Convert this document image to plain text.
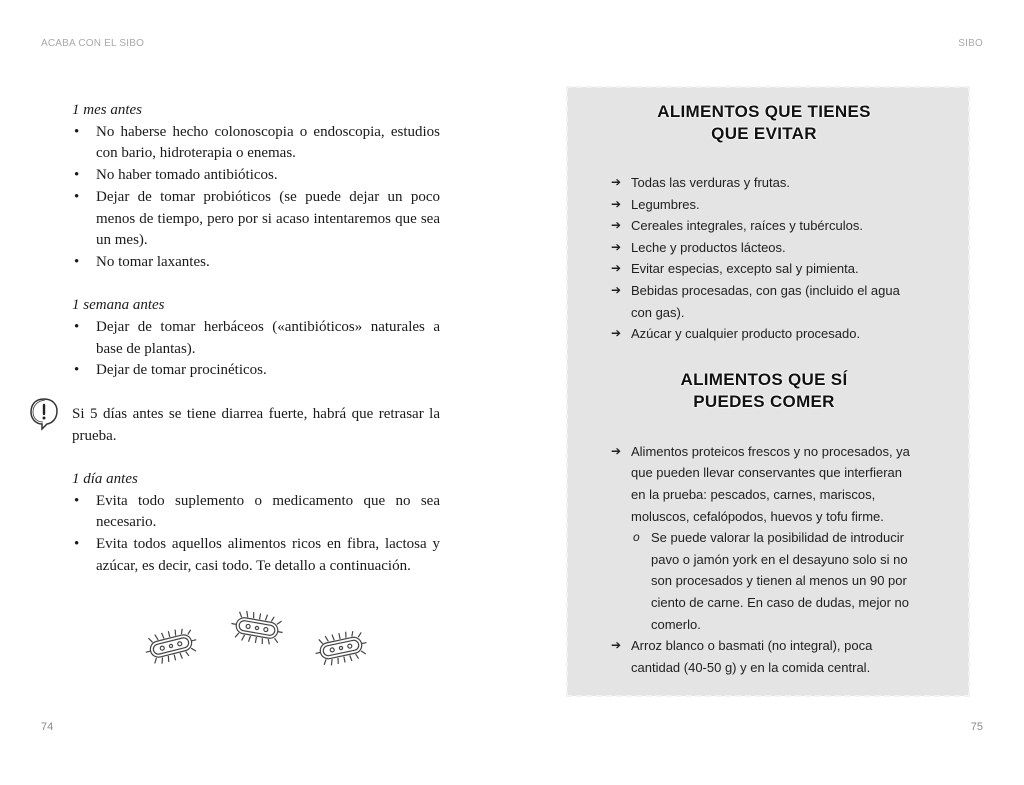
ACABA CON EL SIBO	SIBO

1 mes antes

• No haberse hecho colonoscopia o endoscopia, estudios con bario, hidroterapia o enemas.
• No haber tomado antibióticos.
• Dejar de tomar probióticos (se puede dejar un poco menos de tiempo, pero por si acaso intentaremos que sea un mes).
• No tomar laxantes.

1 semana antes

• Dejar de tomar herbáceos («antibióticos» naturales a base de plantas).
• Dejar de tomar procinéticos.

Si 5 días antes se tiene diarrea fuerte, habrá que retrasar la prueba.

1 día antes

• Evita todo suplemento o medicamento que no sea necesario.
• Evita todos aquellos alimentos ricos en fibra, lactosa y azúcar, es decir, casi todo. Te detallo a continuación.
ALIMENTOS QUE TIENES
QUE EVITAR
➔ Todas las verduras y frutas.
➔ Legumbres.
➔ Cereales integrales, raíces y tubérculos.
➔ Leche y productos lácteos.
➔ Evitar especias, excepto sal y pimienta.
➔ Bebidas procesadas, con gas (incluido el agua con gas).
➔ Azúcar y cualquier producto procesado.
ALIMENTOS QUE SÍ
PUEDES COMER
➔ Alimentos proteicos frescos y no procesados, ya que pueden llevar conservantes que interfieran en la prueba: pescados, carnes, mariscos, moluscos, cefalópodos, huevos y tofu firme.
o Se puede valorar la posibilidad de introducir pavo o jamón york en el desayuno solo si no son procesados y tienen al menos un 90 por ciento de carne. En caso de dudas, mejor no comerlo.
➔ Arroz blanco o basmati (no integral), poca cantidad (40-50 g) y en la comida central.
74	75
